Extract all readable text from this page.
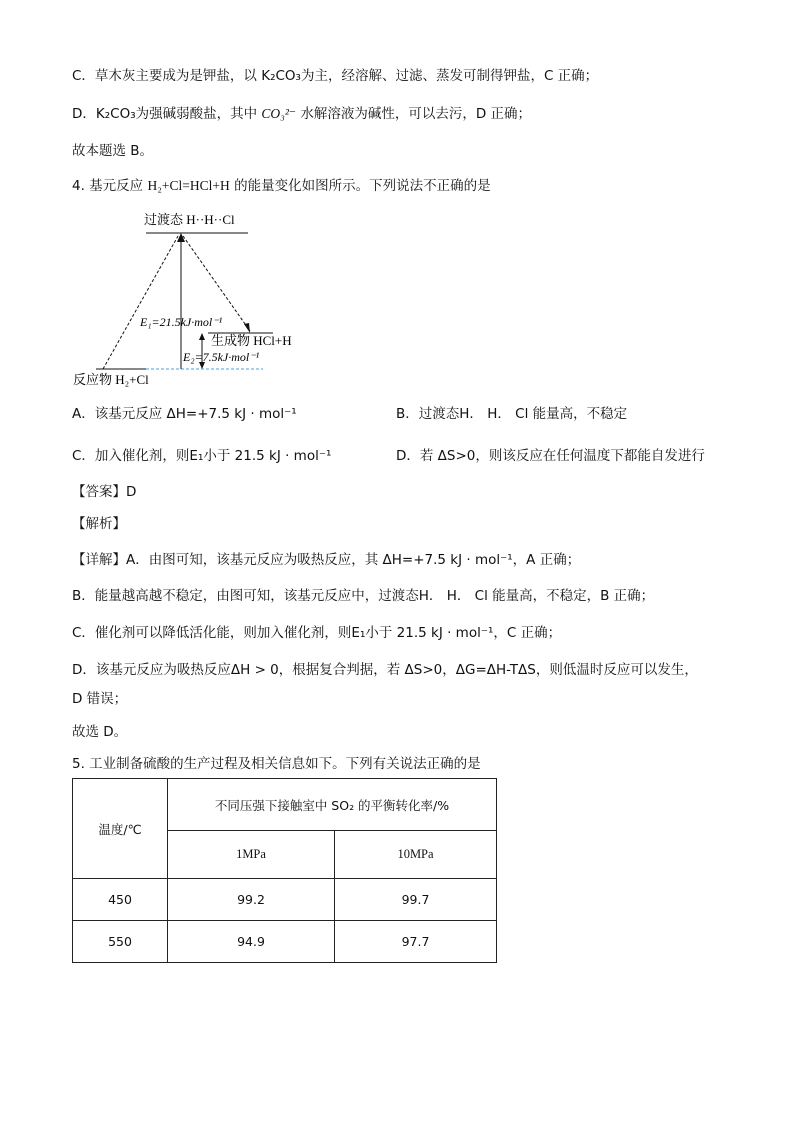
C．草木灰主要成为是钾盐，以 K₂CO₃为主，经溶解、过滤、蒸发可制得钾盐，C 正确；
D．K₂CO₃为强碱弱酸盐，其中 CO₃²⁻ 水解溶液为碱性，可以去污，D 正确；
故本题选 B。
4. 基元反应 H₂+Cl=HCl+H 的能量变化如图所示。下列说法不正确的是
过渡态 H··H··Cl
E₁=21.5kJ·mol⁻¹
E₂=7.5kJ·mol⁻¹
生成物 HCl+H
反应物 H₂+Cl
A．该基元反应 ΔH=+7.5 kJ · mol⁻¹	B．过渡态H． H． Cl 能量高，不稳定
C．加入催化剂，则E₁小于 21.5 kJ · mol⁻¹	D．若 ΔS>0，则该反应在任何温度下都能自发进行
【答案】D
【解析】
【详解】A．由图可知，该基元反应为吸热反应，其 ΔH=+7.5 kJ · mol⁻¹，A 正确；
B．能量越高越不稳定，由图可知，该基元反应中，过渡态H． H． Cl 能量高，不稳定，B 正确；
C．催化剂可以降低活化能，则加入催化剂，则E₁小于 21.5 kJ · mol⁻¹，C 正确；
D．该基元反应为吸热反应ΔH > 0，根据复合判据，若 ΔS>0，ΔG=ΔH-TΔS，则低温时反应可以发生，
D 错误；
故选 D。
5. 工业制备硫酸的生产过程及相关信息如下。下列有关说法正确的是
温度/℃	不同压强下接触室中 SO₂ 的平衡转化率/%	
	1MPa	10MPa
450	99.2	99.7
550	94.9	97.7
